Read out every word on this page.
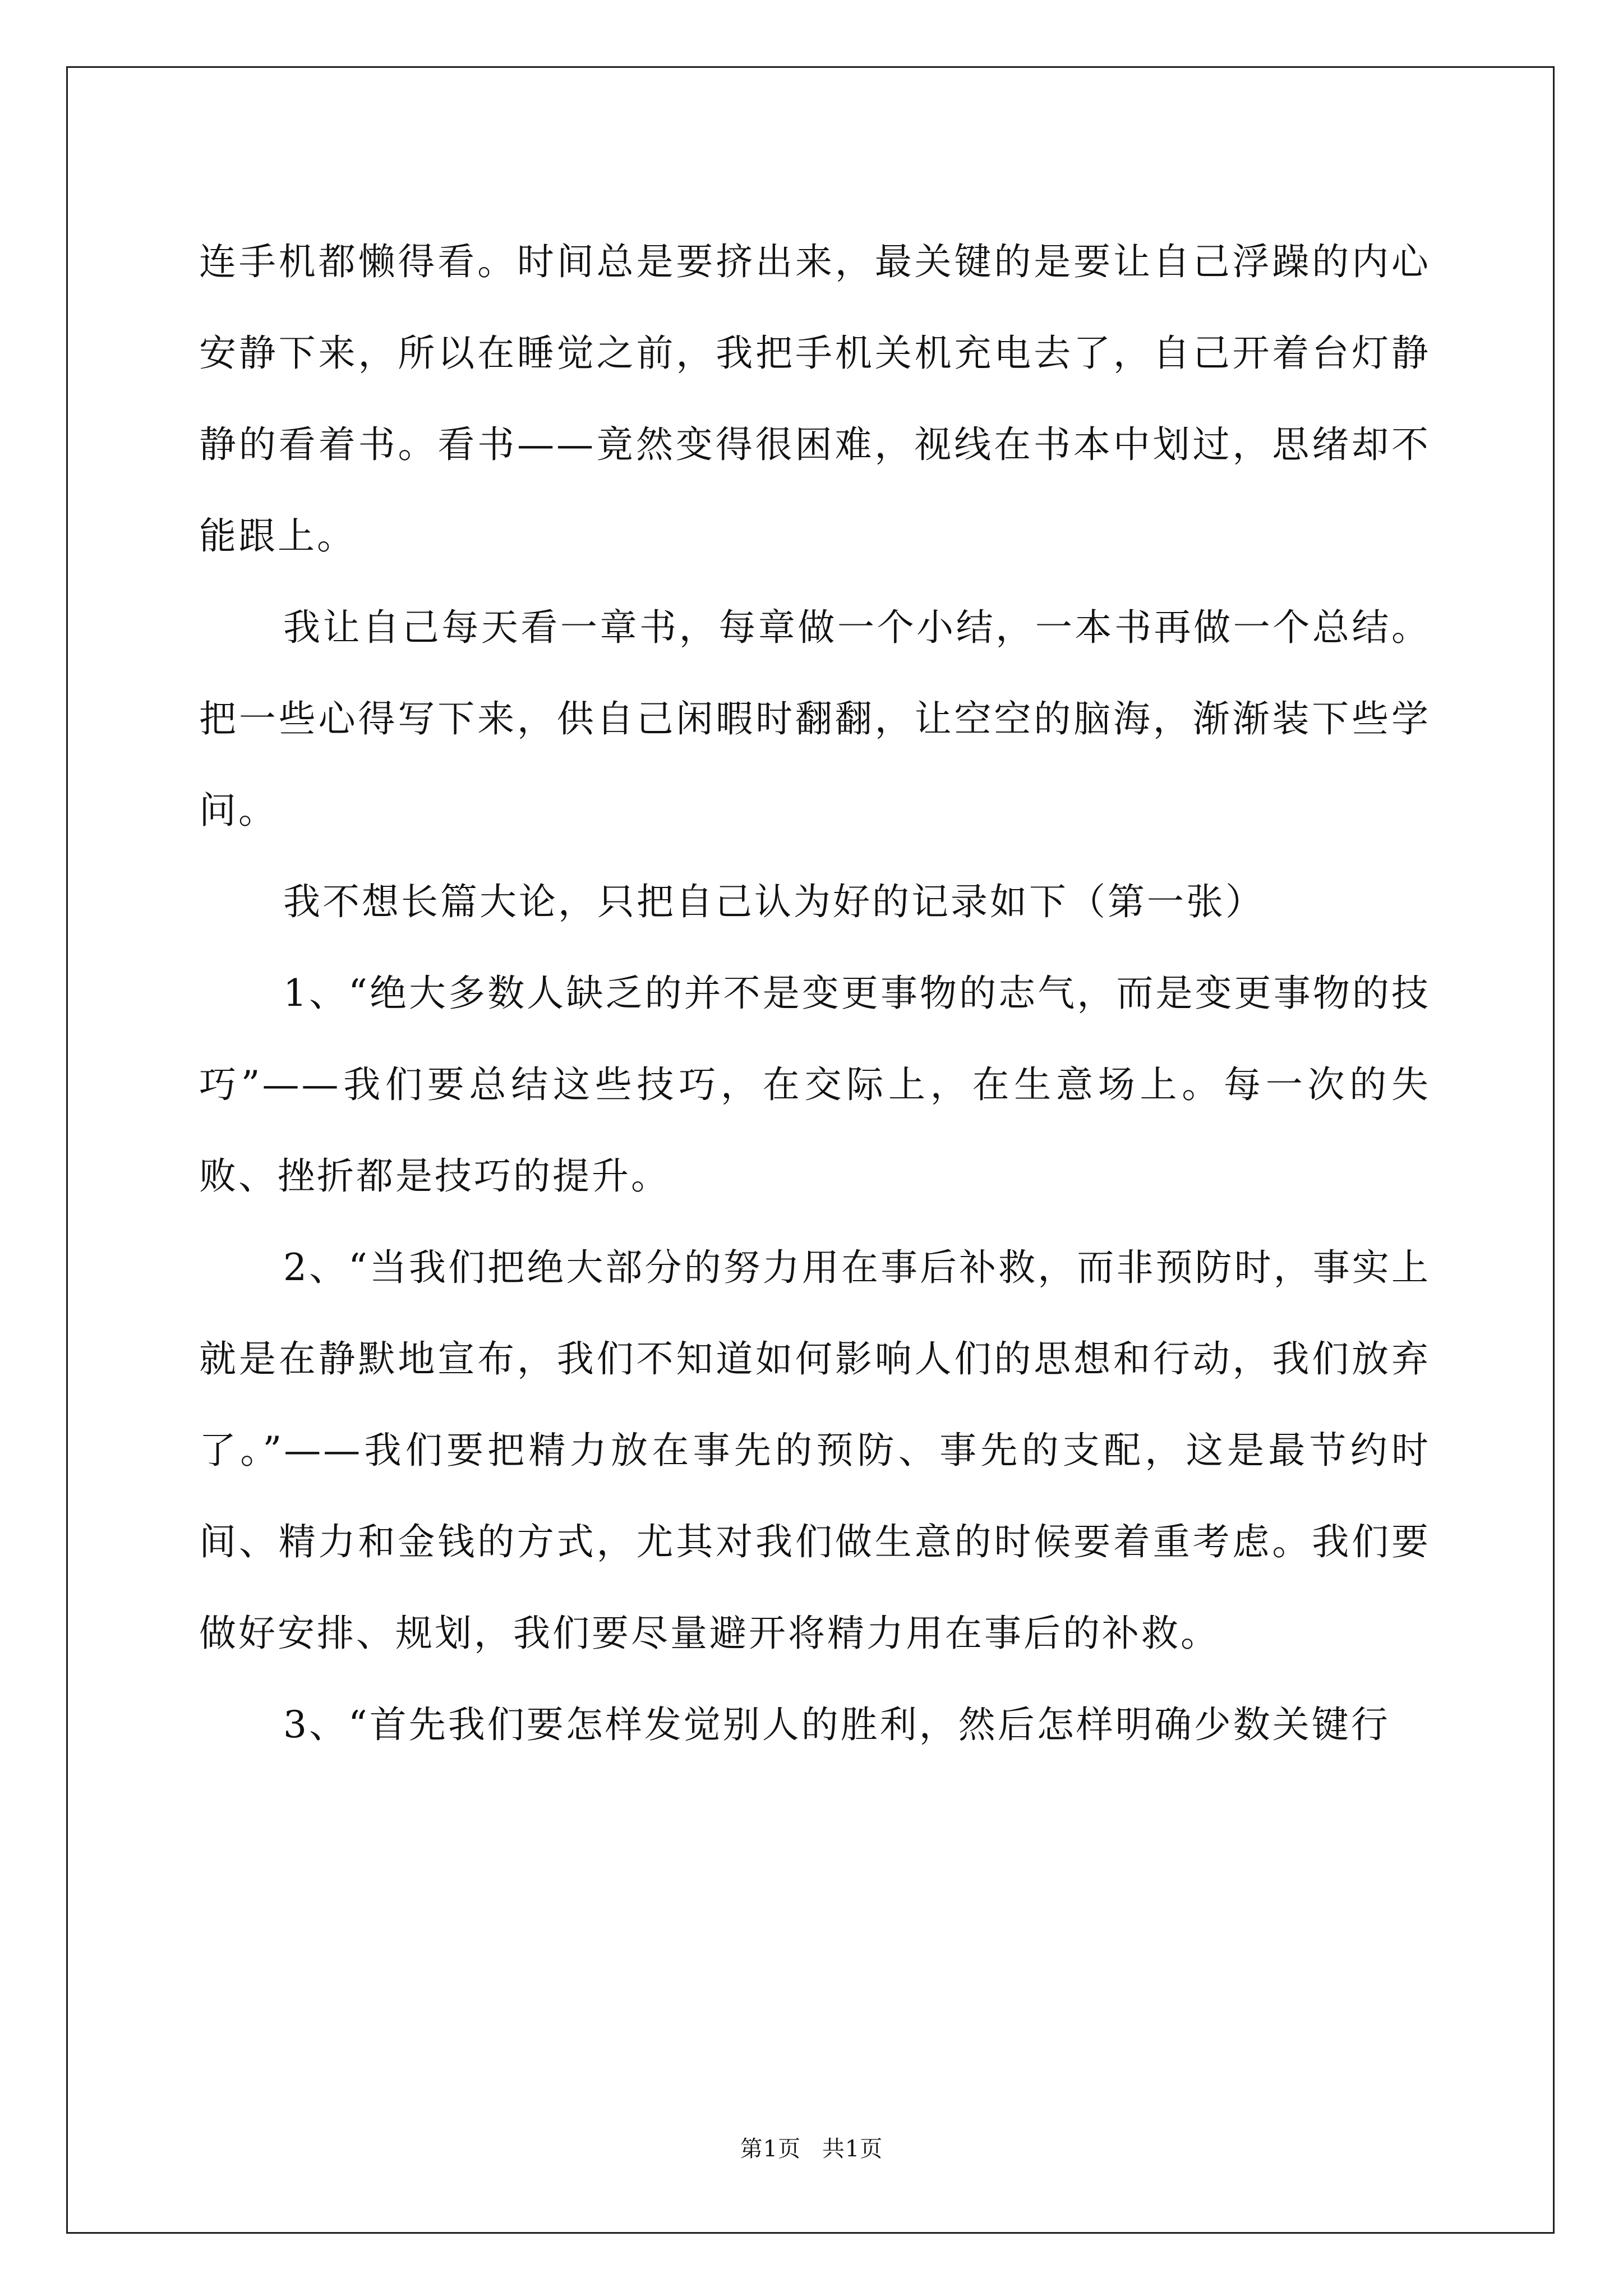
连手机都懒得看。时间总是要挤出来，最关键的是要让自己浮躁的内心安静下来，所以在睡觉之前，我把手机关机充电去了，自己开着台灯静静的看着书。看书——竟然变得很困难，视线在书本中划过，思绪却不能跟上。

我让自己每天看一章书，每章做一个小结，一本书再做一个总结。把一些心得写下来，供自己闲暇时翻翻，让空空的脑海，渐渐装下些学问。

我不想长篇大论，只把自己认为好的记录如下（第一张）

1、“绝大多数人缺乏的并不是变更事物的志气，而是变更事物的技巧”——我们要总结这些技巧，在交际上，在生意场上。每一次的失败、挫折都是技巧的提升。

2、“当我们把绝大部分的努力用在事后补救，而非预防时，事实上就是在静默地宣布，我们不知道如何影响人们的思想和行动，我们放弃了。”——我们要把精力放在事先的预防、事先的支配，这是最节约时间、精力和金钱的方式，尤其对我们做生意的时候要着重考虑。我们要做好安排、规划，我们要尽量避开将精力用在事后的补救。

3、“首先我们要怎样发觉别人的胜利，然后怎样明确少数关键行

第1页 共1页
